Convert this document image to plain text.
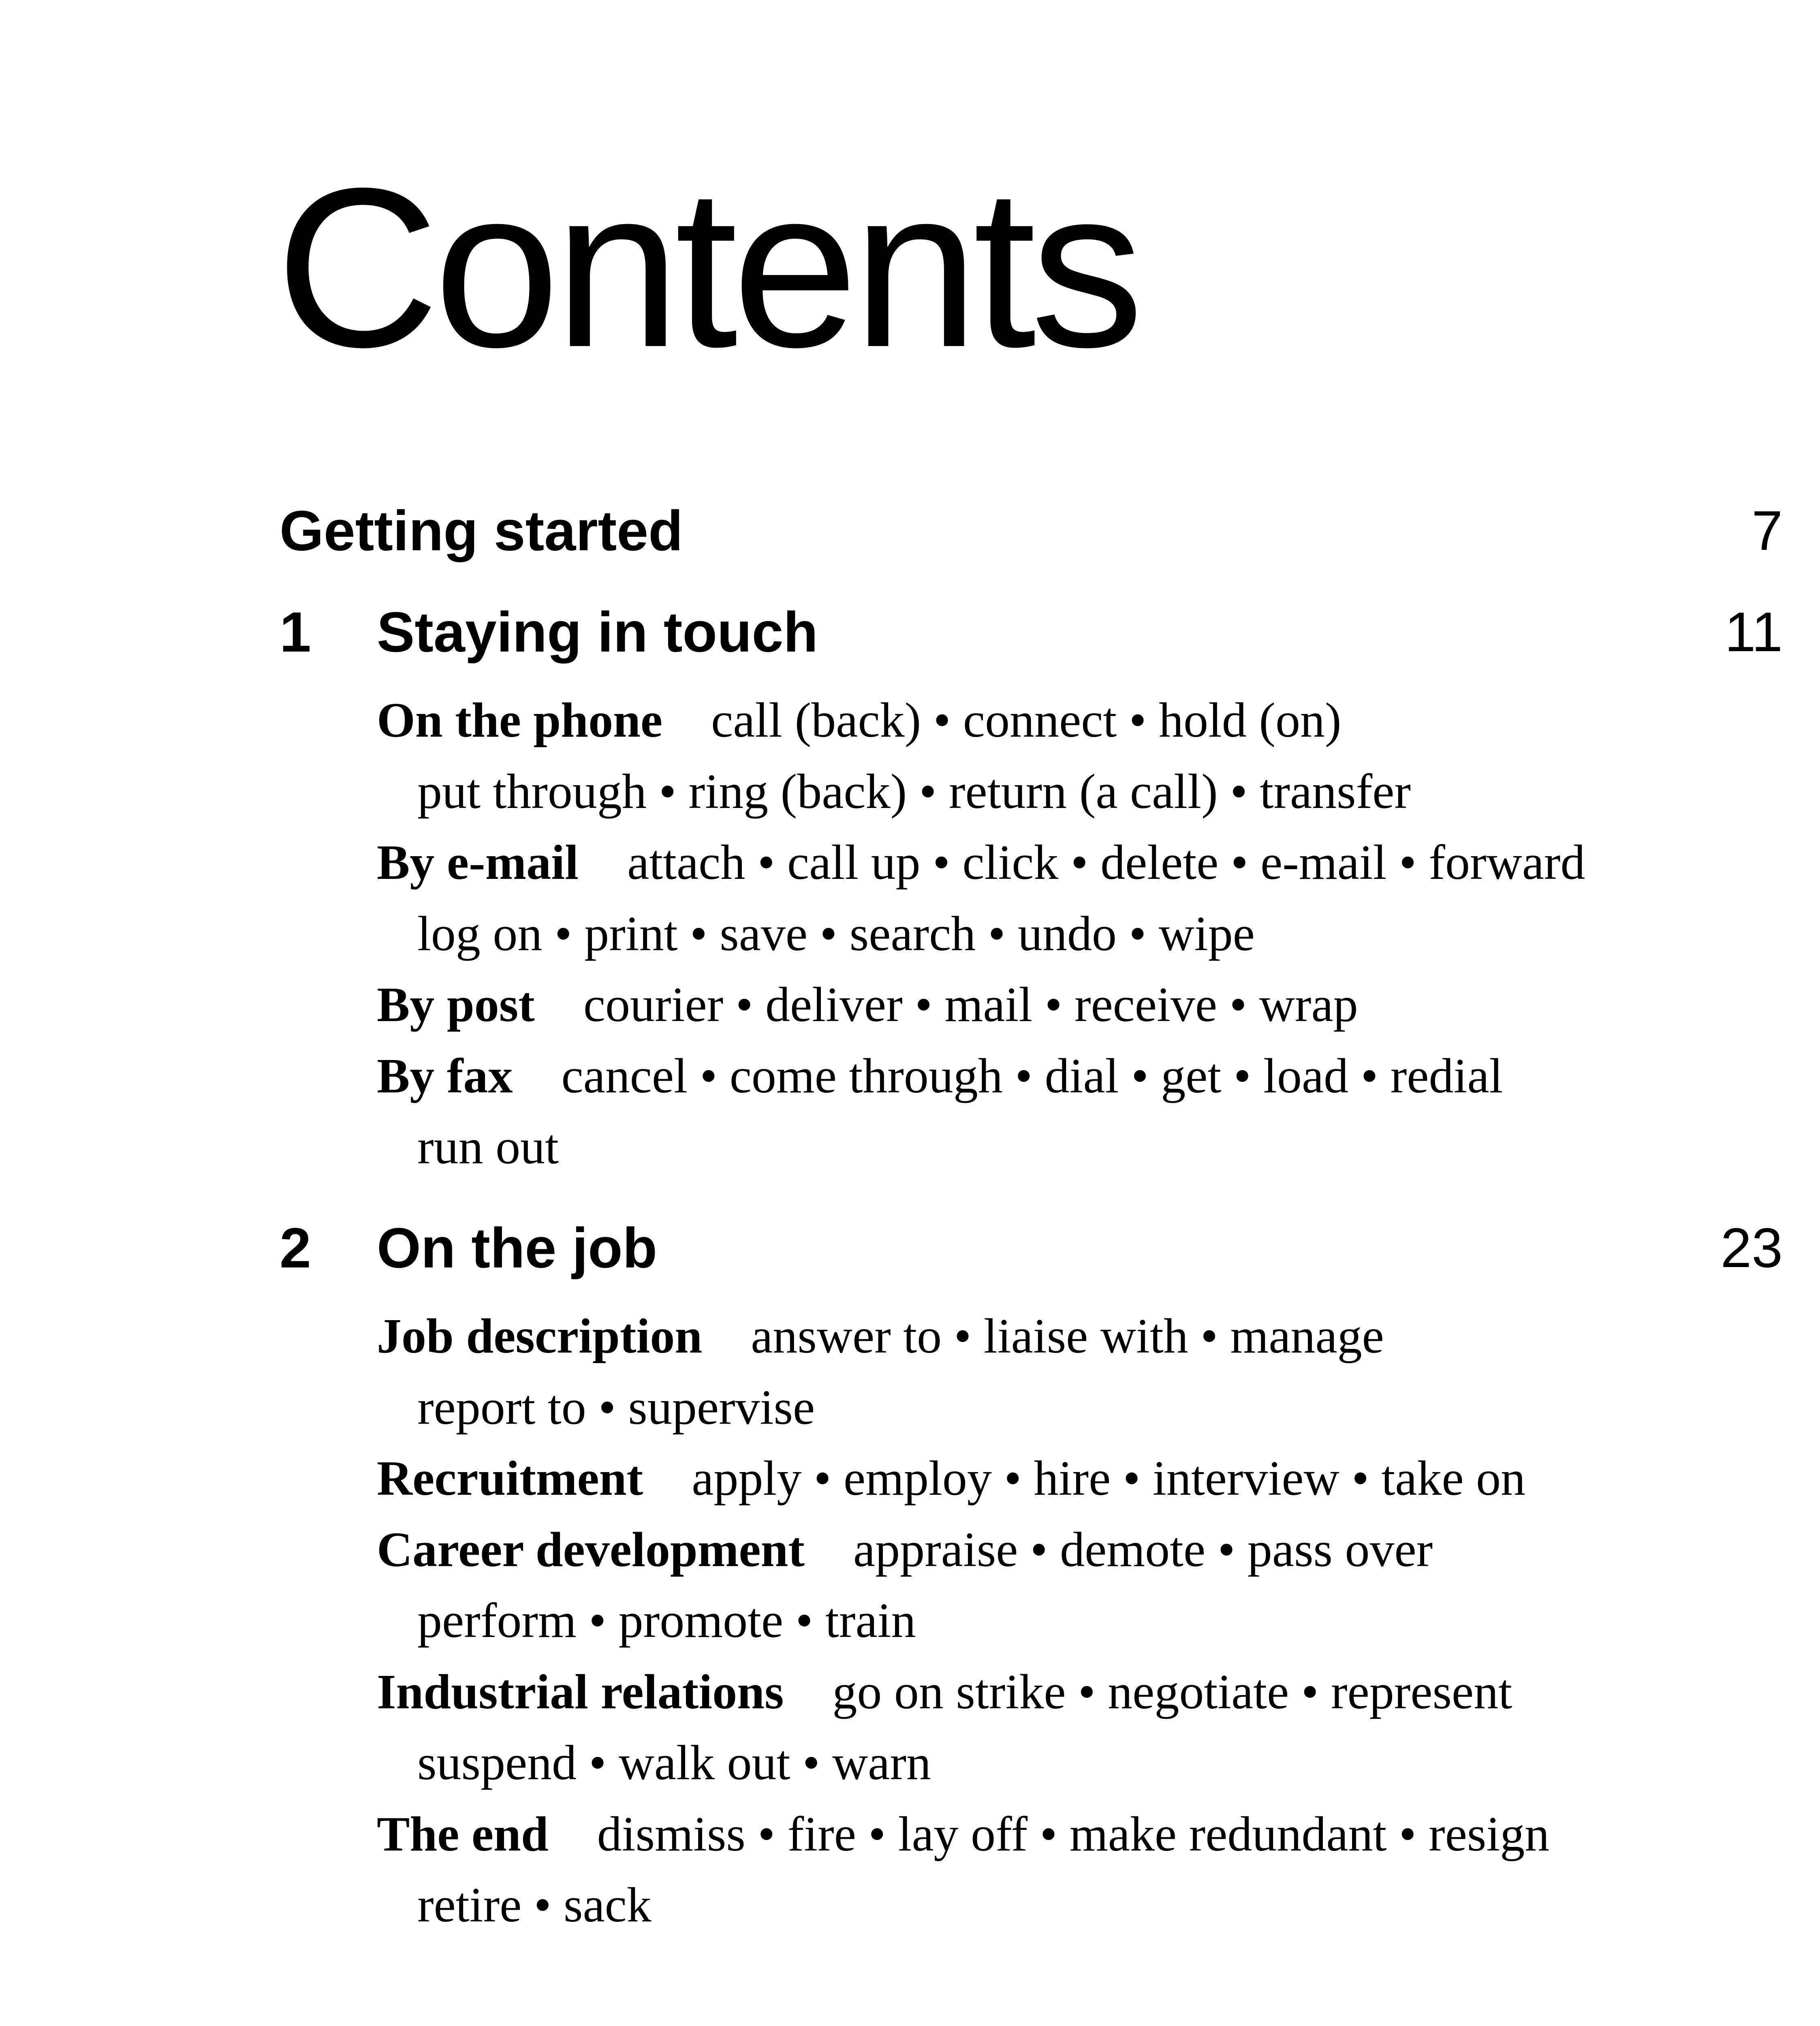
Contents
Getting started	7
1 Staying in touch	11
On the phone call (back) • connect • hold (on)
put through • ring (back) • return (a call) • transfer
By e-mail attach • call up • click • delete • e-mail • forward
log on • print • save • search • undo • wipe
By post courier • deliver • mail • receive • wrap
By fax cancel • come through • dial • get • load • redial
run out
2 On the job	23
Job description answer to • liaise with • manage
report to • supervise
Recruitment apply • employ • hire • interview • take on
Career development appraise • demote • pass over
perform • promote • train
Industrial relations go on strike • negotiate • represent
suspend • walk out • warn
The end dismiss • fire • lay off • make redundant • resign
retire • sack
